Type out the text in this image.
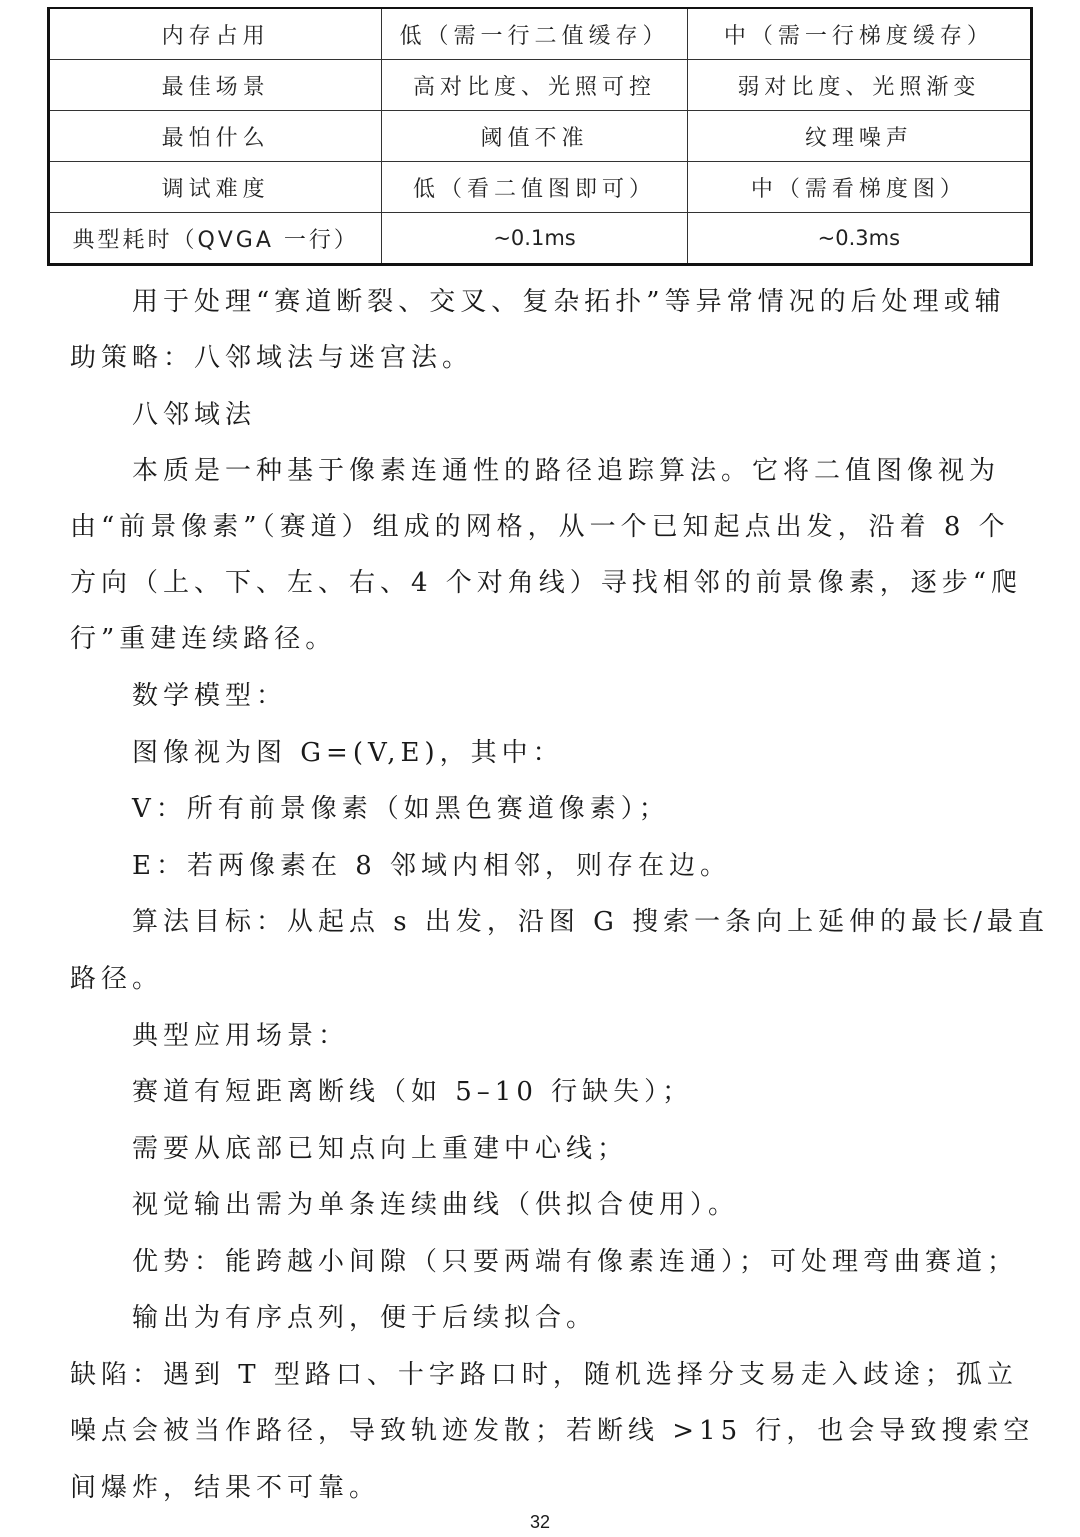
内存占用	低（需一行二值缓存）	中（需一行梯度缓存）
最佳场景	高对比度、光照可控	弱对比度、光照渐变
最怕什么	阈值不准	纹理噪声
调试难度	低（看二值图即可）	中（需看梯度图）
典型耗时（QVGA 一行）	~0.1ms	~0.3ms
用于处理“赛道断裂、交叉、复杂拓扑”等异常情况的后处理或辅
助策略：八邻域法与迷宫法。
八邻域法
本质是一种基于像素连通性的路径追踪算法。它将二值图像视为
由“前景像素”（赛道）组成的网格，从一个已知起点出发，沿着 8 个
方向（上、下、左、右、4 个对角线）寻找相邻的前景像素，逐步“爬
行”重建连续路径。
数学模型：
图像视为图 G=(V,E)，其中：
V：所有前景像素（如黑色赛道像素）；
E：若两像素在 8 邻域内相邻，则存在边。
算法目标：从起点 s 出发，沿图 G 搜索一条向上延伸的最长/最直
路径。
典型应用场景：
赛道有短距离断线（如 5–10 行缺失）；
需要从底部已知点向上重建中心线；
视觉输出需为单条连续曲线（供拟合使用）。
优势：能跨越小间隙（只要两端有像素连通）；可处理弯曲赛道；
输出为有序点列，便于后续拟合。
缺陷：遇到 T 型路口、十字路口时，随机选择分支易走入歧途；孤立
噪点会被当作路径，导致轨迹发散；若断线 >15 行，也会导致搜索空
间爆炸，结果不可靠。
32
